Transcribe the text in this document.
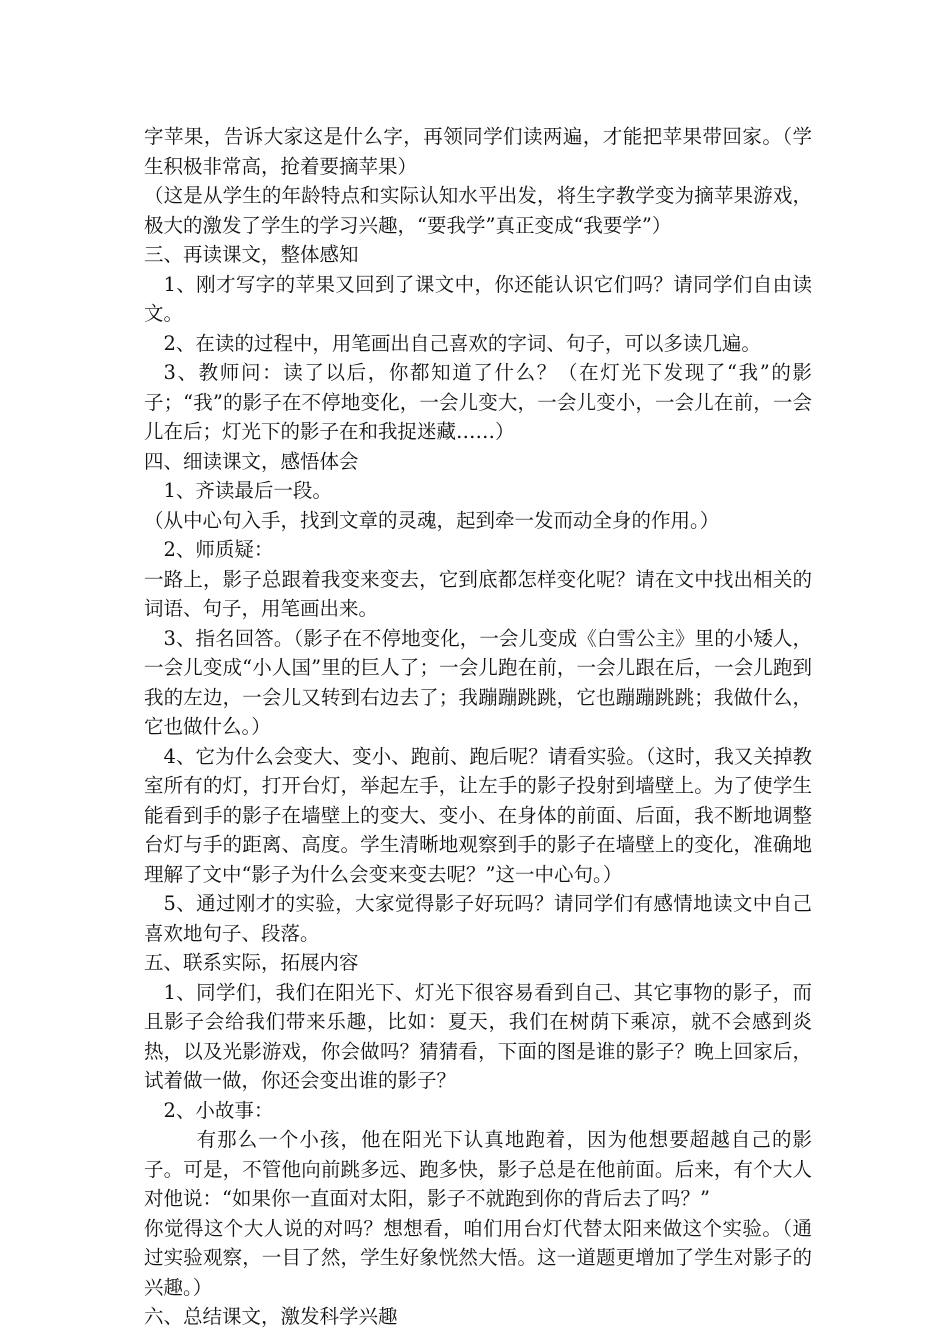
字苹果，告诉大家这是什么字，再领同学们读两遍，才能把苹果带回家。（学生积极非常高，抢着要摘苹果）

（这是从学生的年龄特点和实际认知水平出发，将生字教学变为摘苹果游戏，极大的激发了学生的学习兴趣，“要我学”真正变成“我要学”）

三、再读课文，整体感知

1、刚才写字的苹果又回到了课文中，你还能认识它们吗？请同学们自由读文。

2、在读的过程中，用笔画出自己喜欢的字词、句子，可以多读几遍。

3、教师问：读了以后，你都知道了什么？（在灯光下发现了“我”的影子；“我”的影子在不停地变化，一会儿变大，一会儿变小，一会儿在前，一会儿在后；灯光下的影子在和我捉迷藏……）

四、细读课文，感悟体会

1、齐读最后一段。

（从中心句入手，找到文章的灵魂，起到牵一发而动全身的作用。）

2、师质疑：

一路上，影子总跟着我变来变去，它到底都怎样变化呢？请在文中找出相关的词语、句子，用笔画出来。

3、指名回答。（影子在不停地变化，一会儿变成《白雪公主》里的小矮人，一会儿变成“小人国”里的巨人了；一会儿跑在前，一会儿跟在后，一会儿跑到我的左边，一会儿又转到右边去了；我蹦蹦跳跳，它也蹦蹦跳跳；我做什么，它也做什么。）

4、它为什么会变大、变小、跑前、跑后呢？请看实验。（这时，我又关掉教室所有的灯，打开台灯，举起左手，让左手的影子投射到墙壁上。为了使学生能看到手的影子在墙壁上的变大、变小、在身体的前面、后面，我不断地调整台灯与手的距离、高度。学生清晰地观察到手的影子在墙壁上的变化，准确地理解了文中“影子为什么会变来变去呢？”这一中心句。）

5、通过刚才的实验，大家觉得影子好玩吗？请同学们有感情地读文中自己喜欢地句子、段落。

五、联系实际，拓展内容

1、同学们，我们在阳光下、灯光下很容易看到自己、其它事物的影子，而且影子会给我们带来乐趣，比如：夏天，我们在树荫下乘凉，就不会感到炎热，以及光影游戏，你会做吗？猜猜看，下面的图是谁的影子？晚上回家后，试着做一做，你还会变出谁的影子？

2、小故事：

有那么一个小孩，他在阳光下认真地跑着，因为他想要超越自己的影子。可是，不管他向前跳多远、跑多快，影子总是在他前面。后来，有个大人对他说：“如果你一直面对太阳，影子不就跑到你的背后去了吗？”

你觉得这个大人说的对吗？想想看，咱们用台灯代替太阳来做这个实验。（通过实验观察，一目了然，学生好象恍然大悟。这一道题更增加了学生对影子的兴趣。）

六、总结课文，激发科学兴趣
